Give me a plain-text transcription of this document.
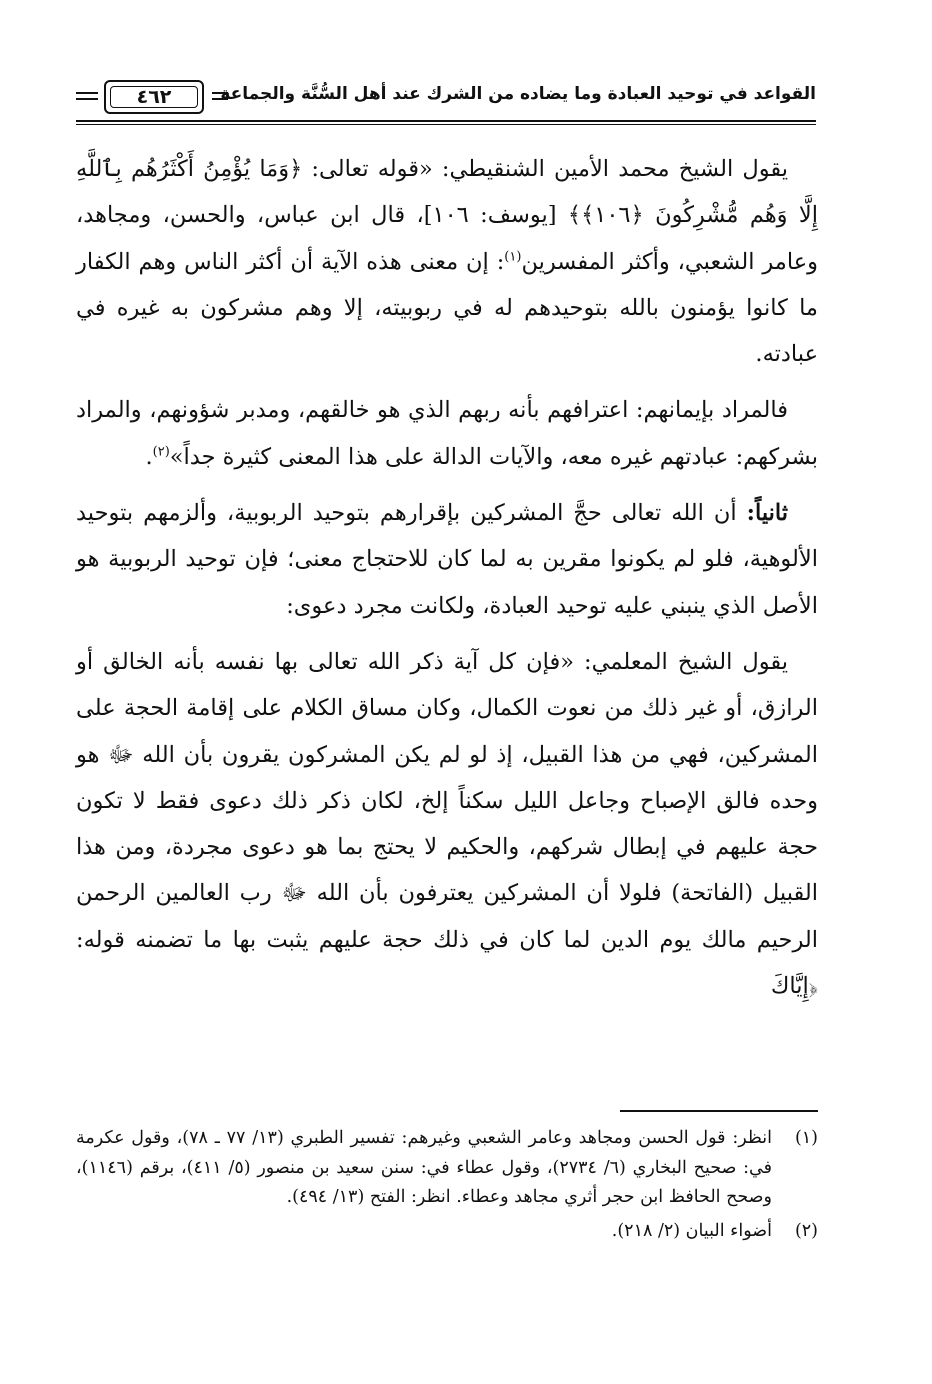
القواعد في توحيد العبادة وما يضاده من الشرك عند أهل السُّنَّة والجماعة
٤٦٢

يقول الشيخ محمد الأمين الشنقيطي: «قوله تعالى: ﴿وَمَا يُؤْمِنُ أَكْثَرُهُم بِٱللَّهِ إِلَّا وَهُم مُّشْرِكُونَ ﴿١٠٦﴾﴾ [يوسف: ١٠٦]، قال ابن عباس، والحسن، ومجاهد، وعامر الشعبي، وأكثر المفسرين$^{(١)}$: إن معنى هذه الآية أن أكثر الناس وهم الكفار ما كانوا يؤمنون بالله بتوحيدهم له في ربوبيته، إلا وهم مشركون به غيره في عبادته.

فالمراد بإيمانهم: اعترافهم بأنه ربهم الذي هو خالقهم، ومدبر شؤونهم، والمراد بشركهم: عبادتهم غيره معه، والآيات الدالة على هذا المعنى كثيرة جداً»$^{(٢)}$.

ثانياً: أن الله تعالى حجَّ المشركين بإقرارهم بتوحيد الربوبية، وألزمهم بتوحيد الألوهية، فلو لم يكونوا مقرين به لما كان للاحتجاج معنى؛ فإن توحيد الربوبية هو الأصل الذي ينبني عليه توحيد العبادة، ولكانت مجرد دعوى:

يقول الشيخ المعلمي: «فإن كل آية ذكر الله تعالى بها نفسه بأنه الخالق أو الرازق، أو غير ذلك من نعوت الكمال، وكان مساق الكلام على إقامة الحجة على المشركين، فهي من هذا القبيل، إذ لو لم يكن المشركون يقرون بأن الله ﷻ هو وحده فالق الإصباح وجاعل الليل سكناً إلخ، لكان ذكر ذلك دعوى فقط لا تكون حجة عليهم في إبطال شركهم، والحكيم لا يحتج بما هو دعوى مجردة، ومن هذا القبيل (الفاتحة) فلولا أن المشركين يعترفون بأن الله ﷻ رب العالمين الرحمن الرحيم مالك يوم الدين لما كان في ذلك حجة عليهم يثبت بها ما تضمنه قوله: ﴿إِيَّاكَ

(١)
انظر: قول الحسن ومجاهد وعامر الشعبي وغيرهم: تفسير الطبري (١٣/ ٧٧ ـ ٧٨)، وقول عكرمة في: صحيح البخاري (٦/ ٢٧٣٤)، وقول عطاء في: سنن سعيد بن منصور (٥/ ٤١١)، برقم (١١٤٦)، وصحح الحافظ ابن حجر أثري مجاهد وعطاء. انظر: الفتح (١٣/ ٤٩٤).
(٢)
أضواء البيان (٢/ ٢١٨).
